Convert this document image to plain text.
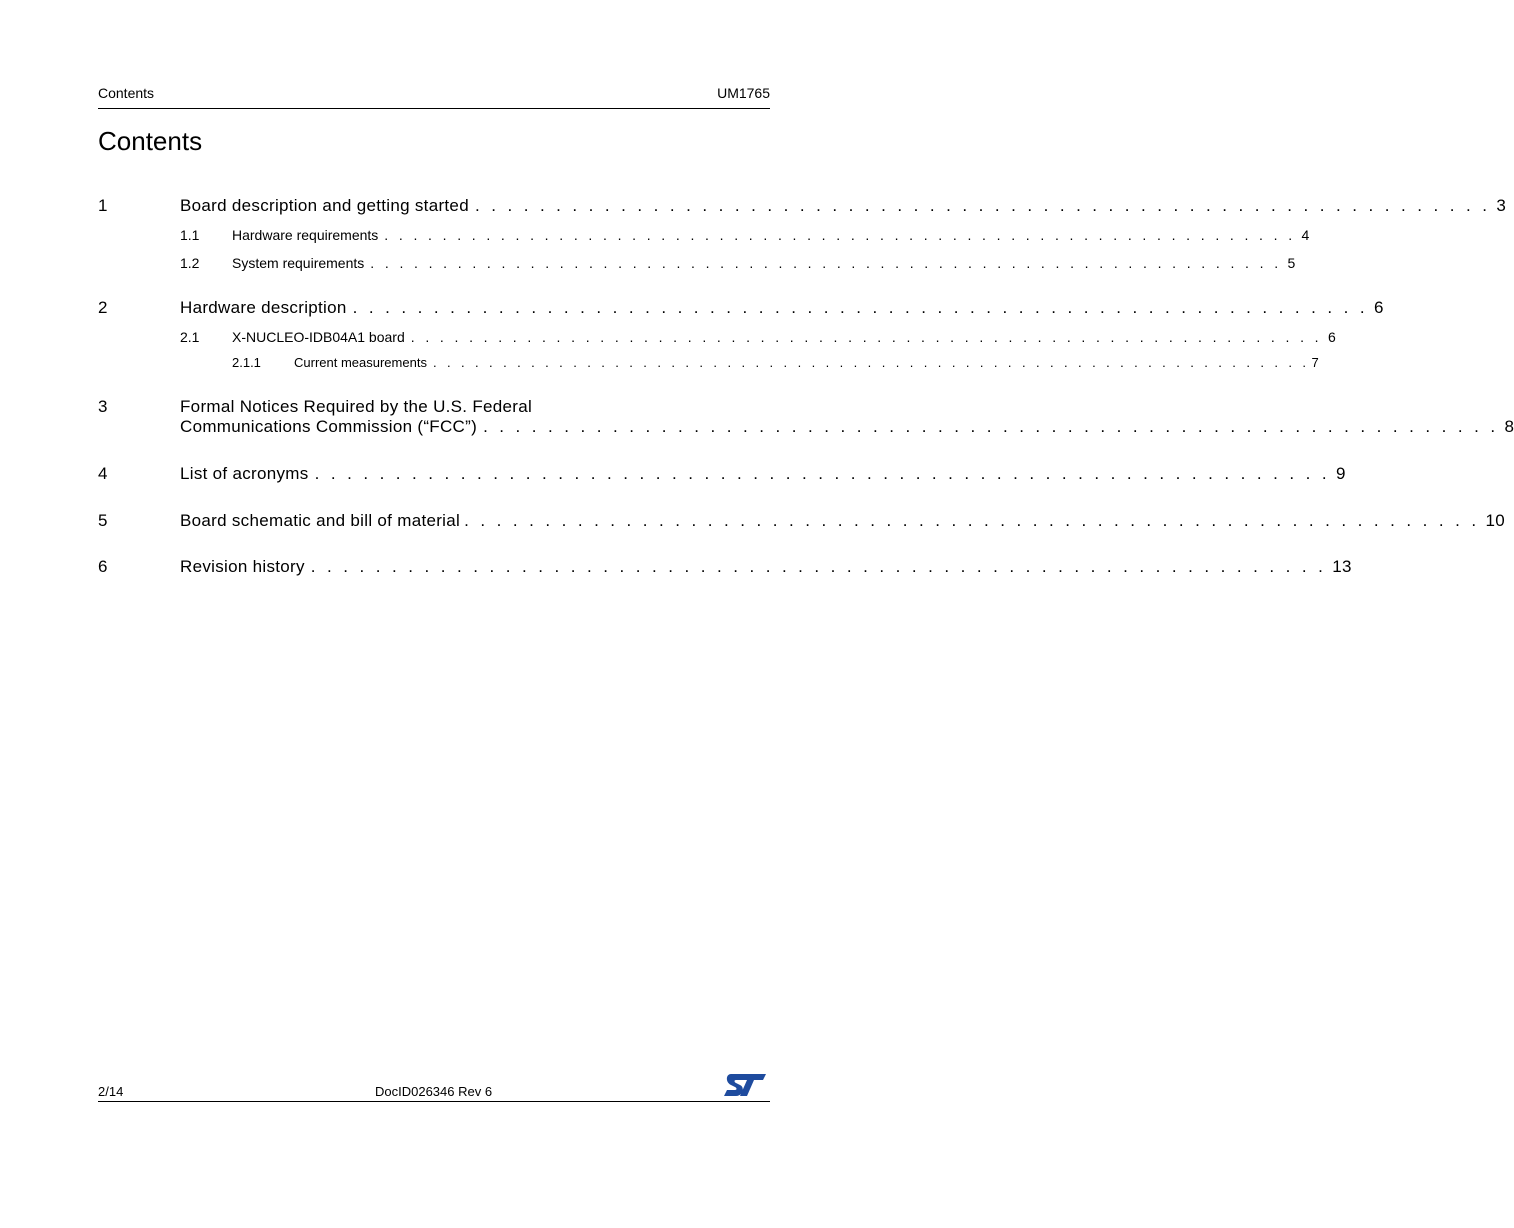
Contents	UM1765
Contents
1	Board description and getting started . . . . . . . . . . . . . . . . . . . . . . . . . . . . . . . . . . . . . . . . . . . . . . . . . . . . . . . . . . . . . . . 3
1.1 Hardware requirements . . . . . . . . . . . . . . . . . . . . . . . . . . . . . . . . . . . . . . . . . . . . . . . . . . . . . . . . . . . . . . . 4
1.2 System requirements . . . . . . . . . . . . . . . . . . . . . . . . . . . . . . . . . . . . . . . . . . . . . . . . . . . . . . . . . . . . . . . 5
2	Hardware description . . . . . . . . . . . . . . . . . . . . . . . . . . . . . . . . . . . . . . . . . . . . . . . . . . . . . . . . . . . . . . . 6
2.1 X-NUCLEO-IDB04A1 board . . . . . . . . . . . . . . . . . . . . . . . . . . . . . . . . . . . . . . . . . . . . . . . . . . . . . . . . . . . . . . . 6
2.1.1	Current measurements . . . . . . . . . . . . . . . . . . . . . . . . . . . . . . . . . . . . . . . . . . . . . . . . . . . . . . . . . . . . . . . 7
3	Formal Notices Required by the U.S. Federal
Communications Commission (“FCC”) . . . . . . . . . . . . . . . . . . . . . . . . . . . . . . . . . . . . . . . . . . . . . . . . . . . . . . . . . . . . . . . 8
4	List of acronyms . . . . . . . . . . . . . . . . . . . . . . . . . . . . . . . . . . . . . . . . . . . . . . . . . . . . . . . . . . . . . . . 9
5	Board schematic and bill of material . . . . . . . . . . . . . . . . . . . . . . . . . . . . . . . . . . . . . . . . . . . . . . . . . . . . . . . . . . . . . . . 10
6	Revision history . . . . . . . . . . . . . . . . . . . . . . . . . . . . . . . . . . . . . . . . . . . . . . . . . . . . . . . . . . . . . . . 13
2/14	DocID026346 Rev 6
